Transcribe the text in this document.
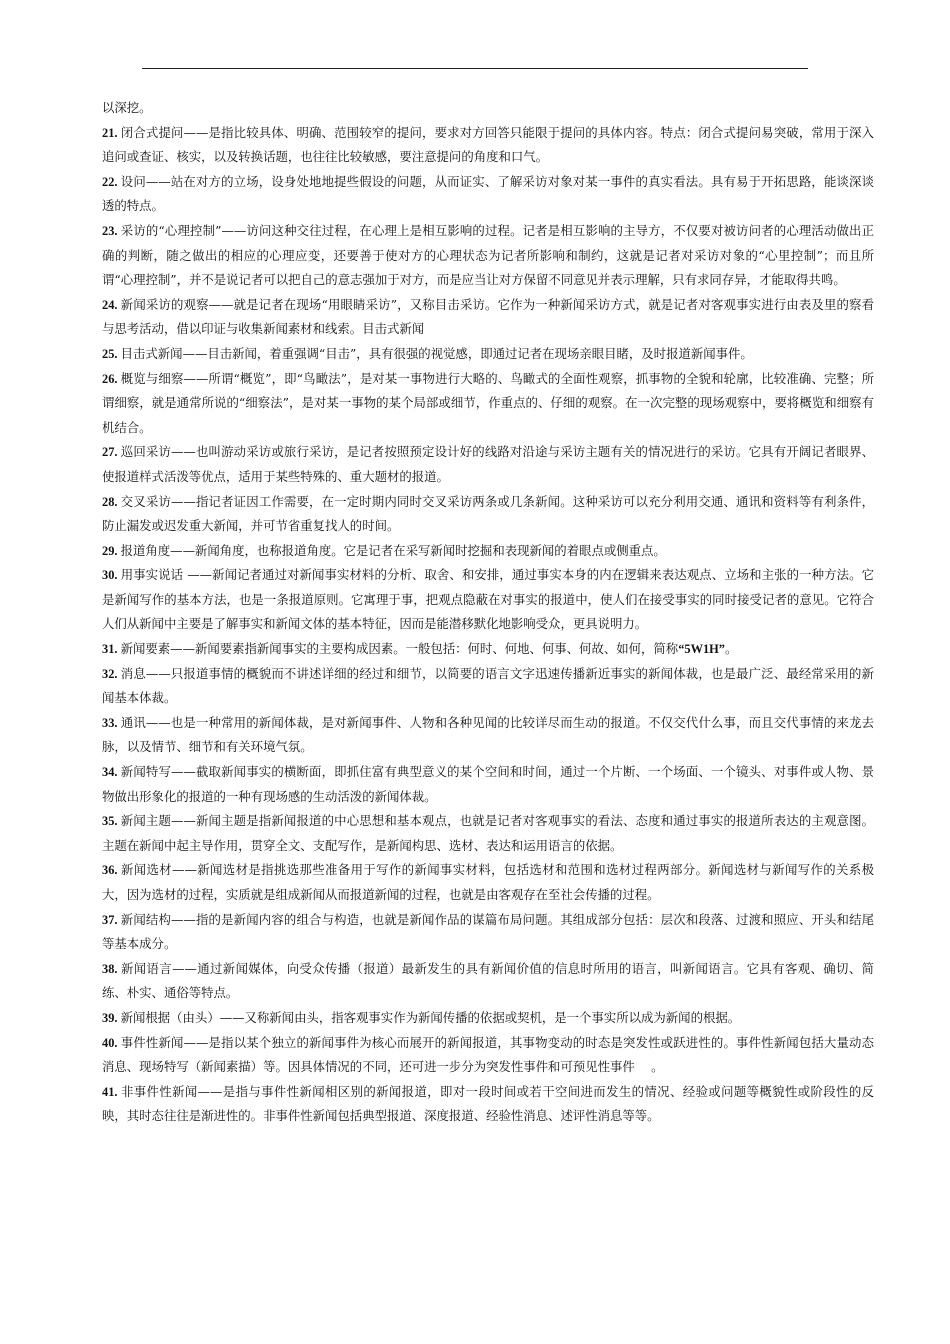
以深挖。

21. 闭合式提问——是指比较具体、明确、范围较窄的提问，要求对方回答只能限于提问的具体内容。特点：闭合式提问易突破，常用于深入追问或查证、核实，以及转换话题，也往往比较敏感，要注意提问的角度和口气。

22. 设问——站在对方的立场，设身处地地提些假设的问题，从而证实、了解采访对象对某一事件的真实看法。具有易于开拓思路，能谈深谈透的特点。

23. 采访的“心理控制”——访问这种交往过程，在心理上是相互影响的过程。记者是相互影响的主导方，不仅要对被访问者的心理活动做出正确的判断，随之做出的相应的心理应变，还要善于使对方的心理状态为记者所影响和制约，这就是记者对采访对象的“心里控制”；而且所谓“心理控制”，并不是说记者可以把自己的意志强加于对方，而是应当让对方保留不同意见并表示理解，只有求同存异，才能取得共鸣。

24. 新闻采访的观察——就是记者在现场“用眼睛采访”，又称目击采访。它作为一种新闻采访方式，就是记者对客观事实进行由表及里的察看与思考活动，借以印证与收集新闻素材和线索。目击式新闻

25. 目击式新闻——目击新闻，着重强调“目击”，具有很强的视觉感，即通过记者在现场亲眼目睹，及时报道新闻事件。

26. 概览与细察——所谓“概览”，即“鸟瞰法”，是对某一事物进行大略的、鸟瞰式的全面性观察，抓事物的全貌和轮廓，比较准确、完整；所谓细察，就是通常所说的“细察法”，是对某一事物的某个局部或细节，作重点的、仔细的观察。在一次完整的现场观察中，要将概览和细察有机结合。

27. 巡回采访——也叫游动采访或旅行采访，是记者按照预定设计好的线路对沿途与采访主题有关的情况进行的采访。它具有开阔记者眼界、使报道样式活泼等优点，适用于某些特殊的、重大题材的报道。

28. 交叉采访——指记者证因工作需要，在一定时期内同时交叉采访两条或几条新闻。这种采访可以充分利用交通、通讯和资料等有利条件，防止漏发或迟发重大新闻，并可节省重复找人的时间。

29. 报道角度——新闻角度，也称报道角度。它是记者在采写新闻时挖掘和表现新闻的着眼点或侧重点。

30. 用事实说话 ——新闻记者通过对新闻事实材料的分析、取舍、和安排，通过事实本身的内在逻辑来表达观点、立场和主张的一种方法。它是新闻写作的基本方法，也是一条报道原则。它寓理于事，把观点隐蔽在对事实的报道中，使人们在接受事实的同时接受记者的意见。它符合人们从新闻中主要是了解事实和新闻文体的基本特征，因而是能潜移默化地影响受众，更具说明力。

31. 新闻要素——新闻要素指新闻事实的主要构成因素。一般包括：何时、何地、何事、何故、如何，简称“5W1H”。

32. 消息——只报道事情的概貌而不讲述详细的经过和细节，以简要的语言文字迅速传播新近事实的新闻体裁，也是最广泛、最经常采用的新闻基本体裁。

33. 通讯——也是一种常用的新闻体裁，是对新闻事件、人物和各种见闻的比较详尽而生动的报道。不仅交代什么事，而且交代事情的来龙去脉，以及情节、细节和有关环境气氛。

34. 新闻特写——截取新闻事实的横断面，即抓住富有典型意义的某个空间和时间，通过一个片断、一个场面、一个镜头、对事件或人物、景物做出形象化的报道的一种有现场感的生动活泼的新闻体裁。

35. 新闻主题——新闻主题是指新闻报道的中心思想和基本观点，也就是记者对客观事实的看法、态度和通过事实的报道所表达的主观意图。主题在新闻中起主导作用，贯穿全文、支配写作，是新闻构思、选材、表达和运用语言的依据。

36. 新闻选材——新闻选材是指挑选那些准备用于写作的新闻事实材料，包括选材和范围和选材过程两部分。新闻选材与新闻写作的关系极大，因为选材的过程，实质就是组成新闻从而报道新闻的过程，也就是由客观存在至社会传播的过程。

37. 新闻结构——指的是新闻内容的组合与构造，也就是新闻作品的谋篇布局问题。其组成部分包括：层次和段落、过渡和照应、开头和结尾等基本成分。

38. 新闻语言——通过新闻媒体，向受众传播（报道）最新发生的具有新闻价值的信息时所用的语言，叫新闻语言。它具有客观、确切、简练、朴实、通俗等特点。

39. 新闻根据（由头）——又称新闻由头，指客观事实作为新闻传播的依据或契机，是一个事实所以成为新闻的根据。

40. 事件性新闻——是指以某个独立的新闻事件为核心而展开的新闻报道，其事物变动的时态是突发性或跃进性的。事件性新闻包括大量动态消息、现场特写（新闻素描）等。因具体情况的不同，还可进一步分为突发性事件和可预见性事件 　。

41. 非事件性新闻——是指与事件性新闻相区别的新闻报道，即对一段时间或若干空间进而发生的情况、经验或问题等概貌性或阶段性的反映，其时态往往是渐进性的。非事件性新闻包括典型报道、深度报道、经验性消息、述评性消息等等。
